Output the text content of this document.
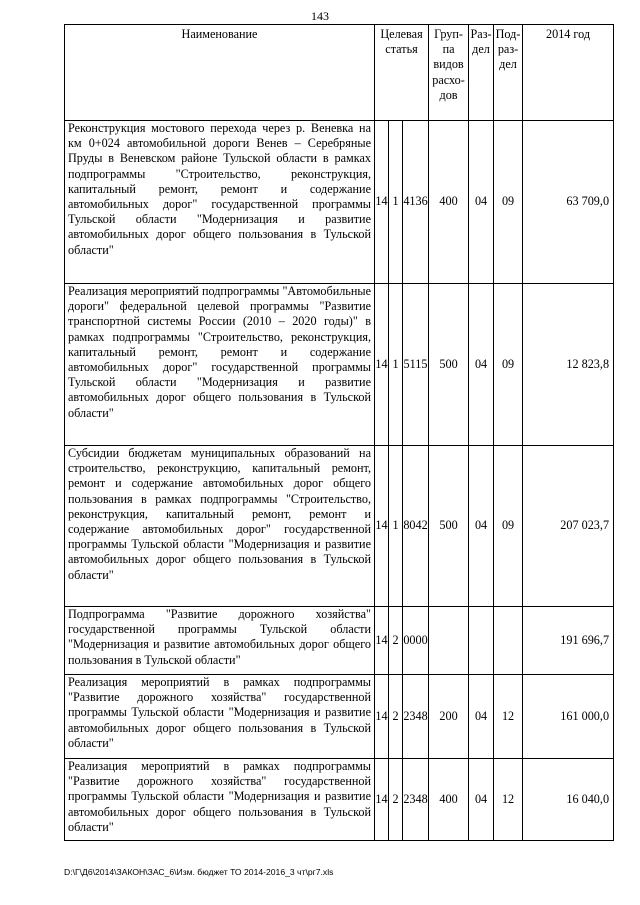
143
Наименование	Целевая статья			Груп-па видов расхо-дов	Раз-дел	Под-раз-дел	2014 год
Реконструкция мостового перехода через р. Веневка на км 0+024 автомобильной дороги Венев – Серебряные Пруды в Веневском районе Тульской области в рамках подпрограммы "Строительство, реконструкция, капитальный ремонт, ремонт и содержание автомобильных дорог" государственной программы Тульской области "Модернизация и развитие автомобильных дорог общего пользования в Тульской области"	14	1	4136	400	04	09	63 709,0
Реализация мероприятий подпрограммы "Автомобильные дороги" федеральной целевой программы "Развитие транспортной системы России (2010 – 2020 годы)" в рамках подпрограммы "Строительство, реконструкция, капитальный ремонт, ремонт и содержание автомобильных дорог" государственной программы Тульской области "Модернизация и развитие автомобильных дорог общего пользования в Тульской области"	14	1	5115	500	04	09	12 823,8
Субсидии бюджетам муниципальных образований на строительство, реконструкцию, капитальный ремонт, ремонт и содержание автомобильных дорог общего пользования в рамках подпрограммы "Строительство, реконструкция, капитальный ремонт, ремонт и содержание автомобильных дорог" государственной программы Тульской области "Модернизация и развитие автомобильных дорог общего пользования в Тульской области"	14	1	8042	500	04	09	207 023,7
Подпрограмма "Развитие дорожного хозяйства" государственной программы Тульской области "Модернизация и развитие автомобильных дорог общего пользования в Тульской области"	14	2	0000				191 696,7
Реализация мероприятий в рамках подпрограммы "Развитие дорожного хозяйства" государственной программы Тульской области "Модернизация и развитие автомобильных дорог общего пользования в Тульской области"	14	2	2348	200	04	12	161 000,0
Реализация мероприятий в рамках подпрограммы "Развитие дорожного хозяйства" государственной программы Тульской области "Модернизация и развитие автомобильных дорог общего пользования в Тульской области"	14	2	2348	400	04	12	16 040,0
D:\Г\Д6\2014\ЗАКОН\ЗАС_6\Изм. бюджет ТО 2014-2016_3 чт\рг7.xls
